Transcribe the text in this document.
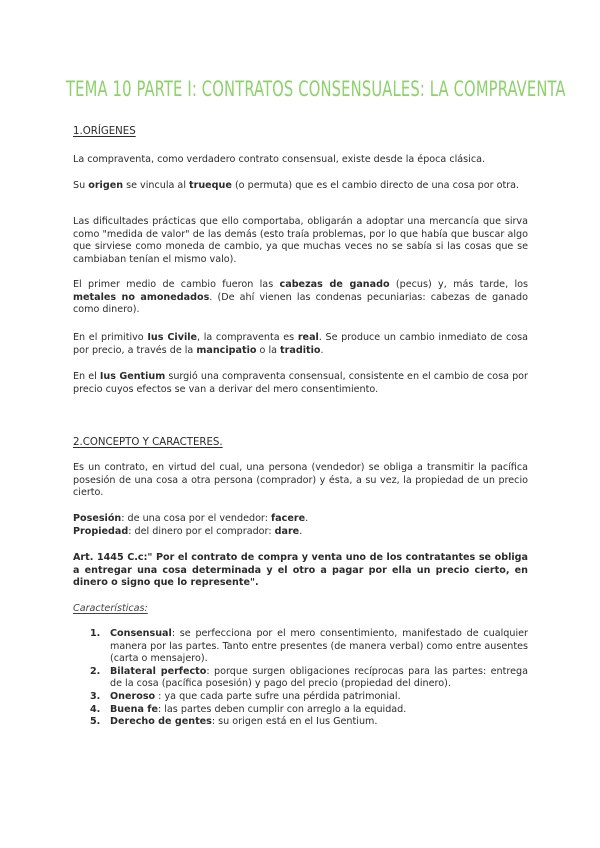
TEMA 10 PARTE I: CONTRATOS CONSENSUALES: LA COMPRAVENTA
1.ORÍGENES

La compraventa, como verdadero contrato consensual, existe desde la época clásica.

Su origen se vincula al trueque (o permuta) que es el cambio directo de una cosa por otra.

Las dificultades prácticas que ello comportaba, obligarán a adoptar una mercancía que sirva como "medida de valor" de las demás (esto traía problemas, por lo que había que buscar algo que sirviese como moneda de cambio, ya que muchas veces no se sabía si las cosas que se cambiaban tenían el mismo valo).

El primer medio de cambio fueron las cabezas de ganado (pecus) y, más tarde, los metales no amonedados. (De ahí vienen las condenas pecuniarias: cabezas de ganado como dinero).

En el primitivo Ius Civile, la compraventa es real. Se produce un cambio inmediato de cosa por precio, a través de la mancipatio o la traditio.

En el Ius Gentium surgió una compraventa consensual, consistente en el cambio de cosa por precio cuyos efectos se van a derivar del mero consentimiento.

2.CONCEPTO Y CARACTERES.

Es un contrato, en virtud del cual, una persona (vendedor) se obliga a transmitir la pacífica posesión de una cosa a otra persona (comprador) y ésta, a su vez, la propiedad de un precio cierto.

Posesión: de una cosa por el vendedor: facere.

Propiedad: del dinero por el comprador: dare.

Art. 1445 C.c:" Por el contrato de compra y venta uno de los contratantes se obliga a entregar una cosa determinada y el otro a pagar por ella un precio cierto, en dinero o signo que lo represente".

Características:
1. Consensual: se perfecciona por el mero consentimiento, manifestado de cualquier manera por las partes. Tanto entre presentes (de manera verbal) como entre ausentes (carta o mensajero).
2. Bilateral perfecto: porque surgen obligaciones recíprocas para las partes: entrega de la cosa (pacífica posesión) y pago del precio (propiedad del dinero).
3. Oneroso : ya que cada parte sufre una pérdida patrimonial.
4. Buena fe: las partes deben cumplir con arreglo a la equidad.
5. Derecho de gentes: su origen está en el Ius Gentium.
